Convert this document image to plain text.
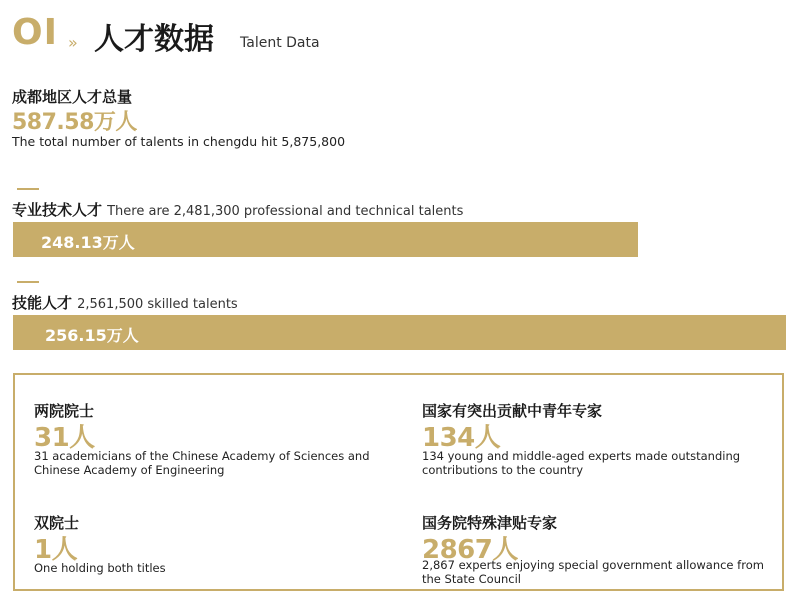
OI » 人才数据 Talent Data
成都地区人才总量
587.58万人
The total number of talents in chengdu hit 5,875,800
专业技术人才 There are 2,481,300 professional and technical talents
248.13万人
技能人才 2,561,500 skilled talents
256.15万人
两院院士
31人
31 academicians of the Chinese Academy of Sciences and
Chinese Academy of Engineering
国家有突出贡献中青年专家
134人
134 young and middle-aged experts made outstanding
contributions to the country
双院士
1人
One holding both titles
国务院特殊津贴专家
2867人
2,867 experts enjoying special government allowance from
the State Council
